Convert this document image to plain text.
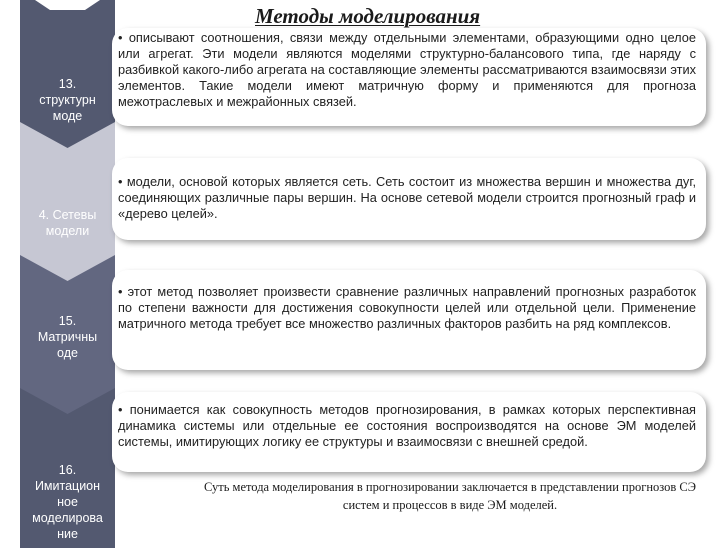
Методы моделирования
13.
структурн
моде
4. Сетевы
модели
15.
Матричны
оде
16.
Имитацион
ное
моделирова
ние

• описывают соотношения, связи между отдельными элементами, образующими одно целое или агрегат. Эти модели являются моделями структурно-балансового типа, где наряду с разбивкой какого-либо агрегата на составляющие элементы рассматриваются взаимосвязи этих элементов. Такие модели имеют матричную форму и применяются для прогноза межотраслевых и межрайонных связей.

• модели, основой которых является сеть. Сеть состоит из множества вершин и множества дуг, соединяющих различные пары вершин. На основе сетевой модели строится прогнозный граф и «дерево целей».

• этот метод позволяет произвести сравнение различных направлений прогнозных разработок по степени важности для достижения совокупности целей или отдельной цели. Применение матричного метода требует все множество различных факторов разбить на ряд комплексов.

• понимается как совокупность методов прогнозирования, в рамках которых перспективная динамика системы или отдельные ее состояния воспроизводятся на основе ЭМ моделей системы, имитирующих логику ее структуры и взаимосвязи с внешней средой.

Суть метода моделирования в прогнозировании заключается в представлении прогнозов СЭ систем и процессов в виде ЭМ моделей.
